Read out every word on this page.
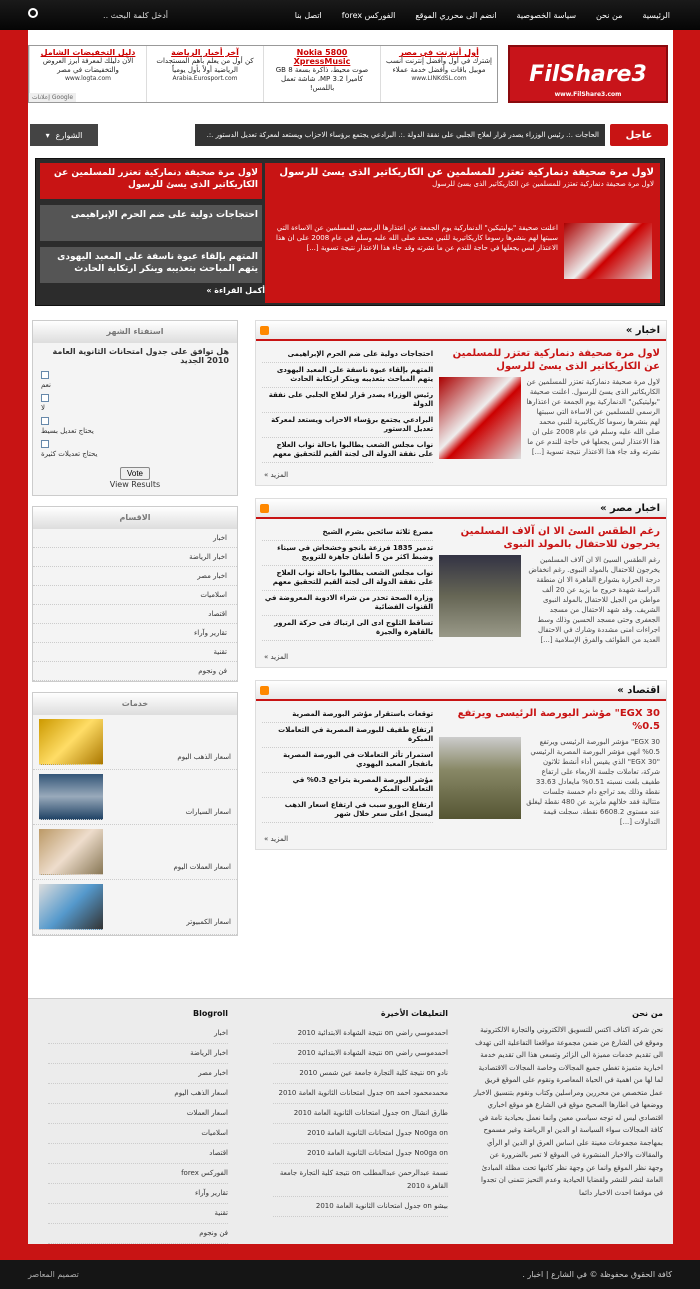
الرئيسية
من نحن
سياسة الخصوصية
انضم الى محرري الموقع
الفوركس forex
اتصل بنا
أدخل كلمة البحث ..
FilShare3
www.FilShare3.com
أول أنترنت في مصر
إشترك في أول وأفضل إنترنت أنسب موبيل باقات وأفضل خدمة عملاء
www.LINKdSL.com
Nokia 5800 XpressMusic
صوت محيط، ذاكرة بسعة 8 GB كاميرا 3.2 MP، شاشة تعمل باللمس!
آخر أخبار الرياضة
كن أول من يعلم بأهم المستجدات الرياضية أولاً بأول يومياً
Arabia.Eurosport.com
دليل التخفيضات الشامل
الآن دليلك لمعرفة أبرز العروض والتخفيضات في مصر
www.logta.com
Google إعلانات
عاجل
الحاجات .:. رئيس الوزراء يصدر قرار لعلاج الجلبي على نفقة الدولة .:. البرادعي يجتمع برؤساء الاحزاب ويستعد لمعركة تعديل الدستور .:.
الشوارع
▾
لاول مرة صحيفة دنماركية تعتزر للمسلمين عن الكاريكاتير الذى يسئ للرسول
لاول مرة صحيفة دنماركية تعتزر للمسلمين عن الكاريكاتير الذى يسئ للرسول
اعلنت صحيفة "بوليتيكين" الدنماركية يوم الجمعة عن اعتذارها الرسمي للمسلمين عن الاساءة التي سببتها لهم بنشرها رسوما كاريكاتيرية للنبي محمد صلى الله عليه وسلم في عام 2008 على ان هذا الاعتذار ليس يجعلها في حاجة للندم عن ما نشرته وقد جاء هذا الاعتذار نتيجة تسوية [...]
أكمل القراءة »
لاول مرة صحيفة دنماركية تعتزر للمسلمين عن الكاريكاتير الذى يسئ للرسول
احتجاجات دولية على ضم الحرم الإبراهيمى
المتهم بإلقاء عبوة ناسفة على المعبد اليهودى يتهم المباحث بتعذيبه وينكر ارتكابة الحادث
اخبار »
لاول مرة صحيفة دنماركية تعتزر للمسلمين عن الكاريكاتير الذى يسئ للرسول
لاول مرة صحيفة دنماركية تعتزر للمسلمين عن الكاريكاتير الذى يسئ للرسول. اعلنت صحيفة "بوليتيكين" الدنماركية يوم الجمعة عن اعتذارها الرسمي للمسلمين عن الاساءة التي سببتها لهم بنشرها رسوما كاريكاتيرية للنبي محمد صلى الله عليه وسلم في عام 2008 على ان هذا الاعتذار ليس يجعلها في حاجة للندم عن ما نشرته وقد جاء هذا الاعتذار نتيجة تسوية [...]
احتجاجات دولية على ضم الحرم الإبراهيمى
المتهم بإلقاء عبوة ناسفة على المعبد اليهودى يتهم المباحث بتعذيبه وينكر ارتكابة الحادث
رئيس الوزراء يصدر قرار لعلاج الجلبي على نفقة الدولة
البرادعي يجتمع برؤساء الاحزاب ويستعد لمعركة تعديل الدستور
نواب مجلس الشعب يطالبوا باحالة نواب العلاج على نفقة الدولة الى لجنة القيم للتحقيق معهم
المزيد »
اخبار مصر »
رغم الطقس السئ الا ان آلاف المسلمين يخرجون للاحتفال بالمولد النبوى
رغم الطقس السيئ الا ان آلاف المسلمين يخرجون للاحتفال بالمولد النبوى. رغم انخفاض درجة الحرارة بشوارع القاهرة الا ان منطقة الدراسة شهدة خروج ما يزيد عن 20 ألف مواطن من الجيل للاحتفال بالمولد النبوى الشريف. وقد شهد الاحتفال من مسجد الجعفرى وحتى مسجد الحسين وذلك وسط اجراءات امنى مشددة وشارك في الاحتفال العديد من الطوائف والفرق الإسلامية [...]
مصرع ثلاثة سائحين بشرم الشيخ
تدمير 1835 فرزعة بانجو وخشخاش في سيناء وضبط اكثر من 5 أطنان جاهزة للترويج
نواب مجلس الشعب يطالبوا باحالة نواب العلاج على نفقة الدولة الى لجنة القيم للتحقيق معهم
وزارة الصحة تحذر من شراء الادوية المعروضة في القنوات الفضائية
تساقط الثلوج ادى الى ارتباك فى حركة المرور بالقاهرة والجيزة
المزيد »
اقتصاد »
EGX 30" مؤشر البورصة الرئيسى ويرتفع 0.5%
EGX 30" مؤشر البورصة الرئيسى ويرتفع 0.5% انهى مؤشر البورصة المصرية الرئيسي "EGX 30" الذي يقيس أداء أنشط ثلاثون شركة، تعاملات جلسة الاربعاء على ارتفاع طفيف بلغت نسبته 0.51% مايعادل 33.63 نقطة وذلك بعد تراجع دام خمسة جلسات متتالية فقد خلالهم مايزيد عن 480 نقطة ليغلق عند مستوى 6608.2 نقطة. سجلت قيمة التداولات [...]
توقعات باستقرار مؤشر البورصة المصرية
ارتفاع طفيف للبورصة المصرية في التعاملات المبكرة
استمرار تأثر التعاملات في البورصة المصرية بانفجار المعبد اليهودي
مؤشر البورصة المصرية يتراجع 0.3% في التعاملات المبكرة
ارتفاع اليورو سبب في ارتفاع اسعار الذهب ليسجل اعلى سعر خلال شهر
المزيد »
استفتاء الشهر
هل توافق على جدول امتحانات الثانوية العامة 2010 الجديد
نعم
لا
يحتاج تعديل بسيط
يحتاج تعديلات كثيرة
Vote
View Results
الاقسام
اخبار
اخبار الرياضة
اخبار مصر
اسلاميات
اقتصاد
تقارير وآراء
تقنية
فن ونجوم
خدمات
اسعار الذهب اليوم
اسعار السيارات
اسعار العملات اليوم
اسعار الكمبيوتر
من نحن
نحن شركة اكناف اكتس للتسويق الالكتروني والتجارة الالكترونية وموقع في الشارع من ضمن مجموعة مواقعنا التفاعلية التى تهدف الى تقديم خدمات مميزة الى الزائر وتسعى هذا الى تقديم خدمة اخبارية متميزة تغطي جميع المجالات وخاصة المجالات الاقتصادية لما لها من اهمية في الحياة المعاصرة ونقوم على الموقع فريق عمل متخصص من محررين ومراسلين وكتاب ونقوم بتنسيق الاخبار ووضعها في اطارها الصحيح موقع في الشارع هو موقع اخباري اقتصادي ليس له توجه سياسي معين وانما نعمل بحيادية تامة في كافة المجالات سواء السياسة او الدين او الرياضة وغير مسموح بمهاجمة مجموعات معينة على اساس العرق او الدين او الرأي والمقالات والاخبار المنشورة في الموقع لا تعبر بالضرورة عن وجهة نظر الموقع وانما عن وجهة نظر كاتبها تحت مظلة المبادئ العامة لنشر للنشر ولقضايا الحيادية وعدم التحيز تتمنى ان تجدوا في موقعنا احدث الاخبار دائما
التعليقات الأخيرة
احمدموسي راضي on نتيجة الشهادة الابتدائية 2010
احمدموسي راضي on نتيجة الشهادة الابتدائية 2010
نادو on نتيجة كلية التجارة جامعة عين شمس 2010
محمدمحمود احمد on جدول امتحانات الثانوية العامة 2010
طارق انشال on جدول امتحانات الثانوية العامة 2010
No0ga on جدول امتحانات الثانوية العامة 2010
No0ga on جدول امتحانات الثانوية العامة 2010
نسمة عبدالرحمن عبدالمطلب on نتيجة كلية التجارة جامعة القاهرة 2010
بيشو on جدول امتحانات الثانوية العامة 2010
Blogroll
اخبار
اخبار الرياضة
اخبار مصر
اسعار الذهب اليوم
اسعار العملات
اسلاميات
اقتصاد
الفوركس forex
تقارير وآراء
تقنية
فن ونجوم
كافة الحقوق محفوظة © في الشارع | اخبار .
تصميم المعاصر
